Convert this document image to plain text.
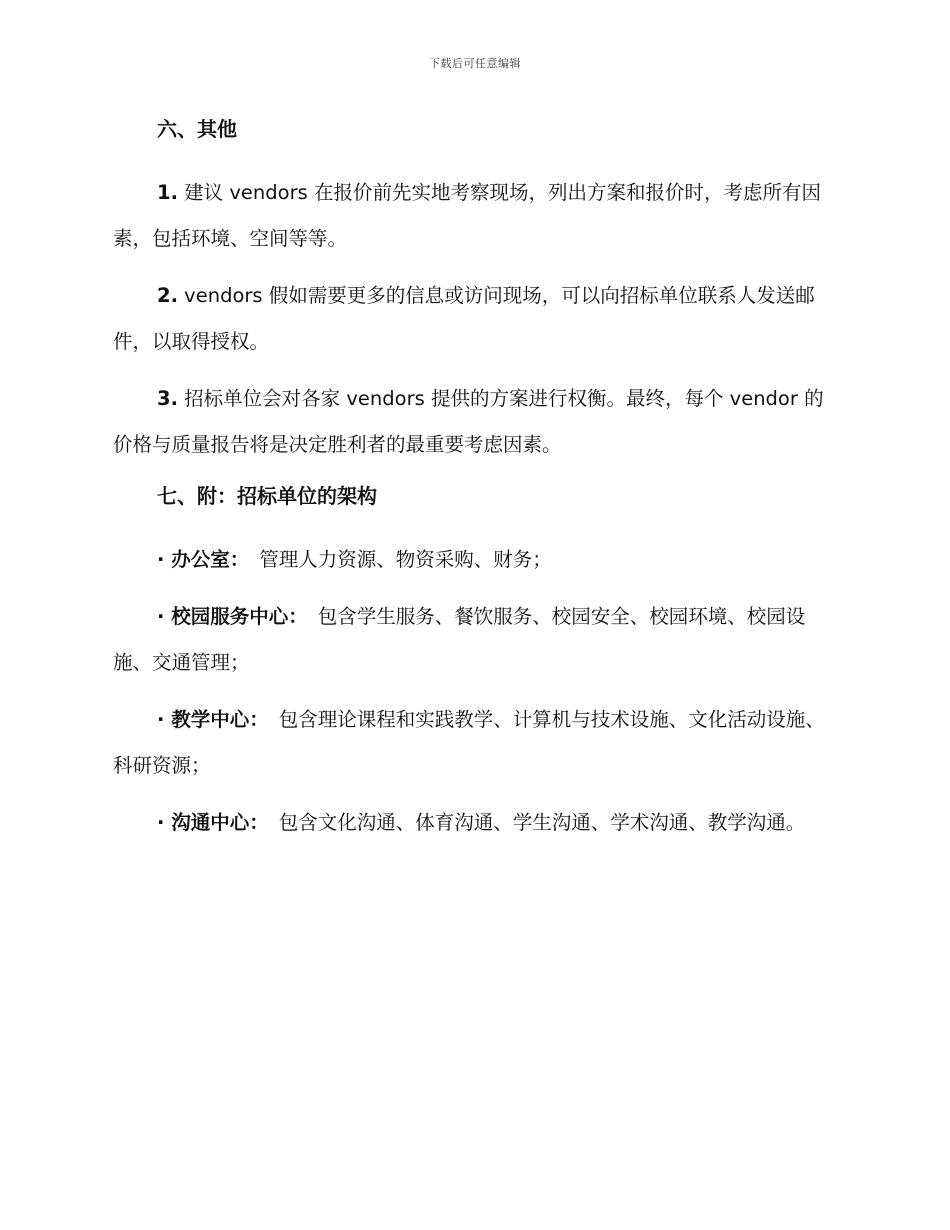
下载后可任意编辑
六、其他

1. 建议 vendors 在报价前先实地考察现场，列出方案和报价时，考虑所有因素，包括环境、空间等等。

2. vendors 假如需要更多的信息或访问现场，可以向招标单位联系人发送邮件，以取得授权。

3. 招标单位会对各家 vendors 提供的方案进行权衡。最终，每个 vendor 的价格与质量报告将是决定胜利者的最重要考虑因素。

七、附：招标单位的架构

· 办公室： 管理人力资源、物资采购、财务；

· 校园服务中心： 包含学生服务、餐饮服务、校园安全、校园环境、校园设施、交通管理；

· 教学中心： 包含理论课程和实践教学、计算机与技术设施、文化活动设施、科研资源；

· 沟通中心： 包含文化沟通、体育沟通、学生沟通、学术沟通、教学沟通。
